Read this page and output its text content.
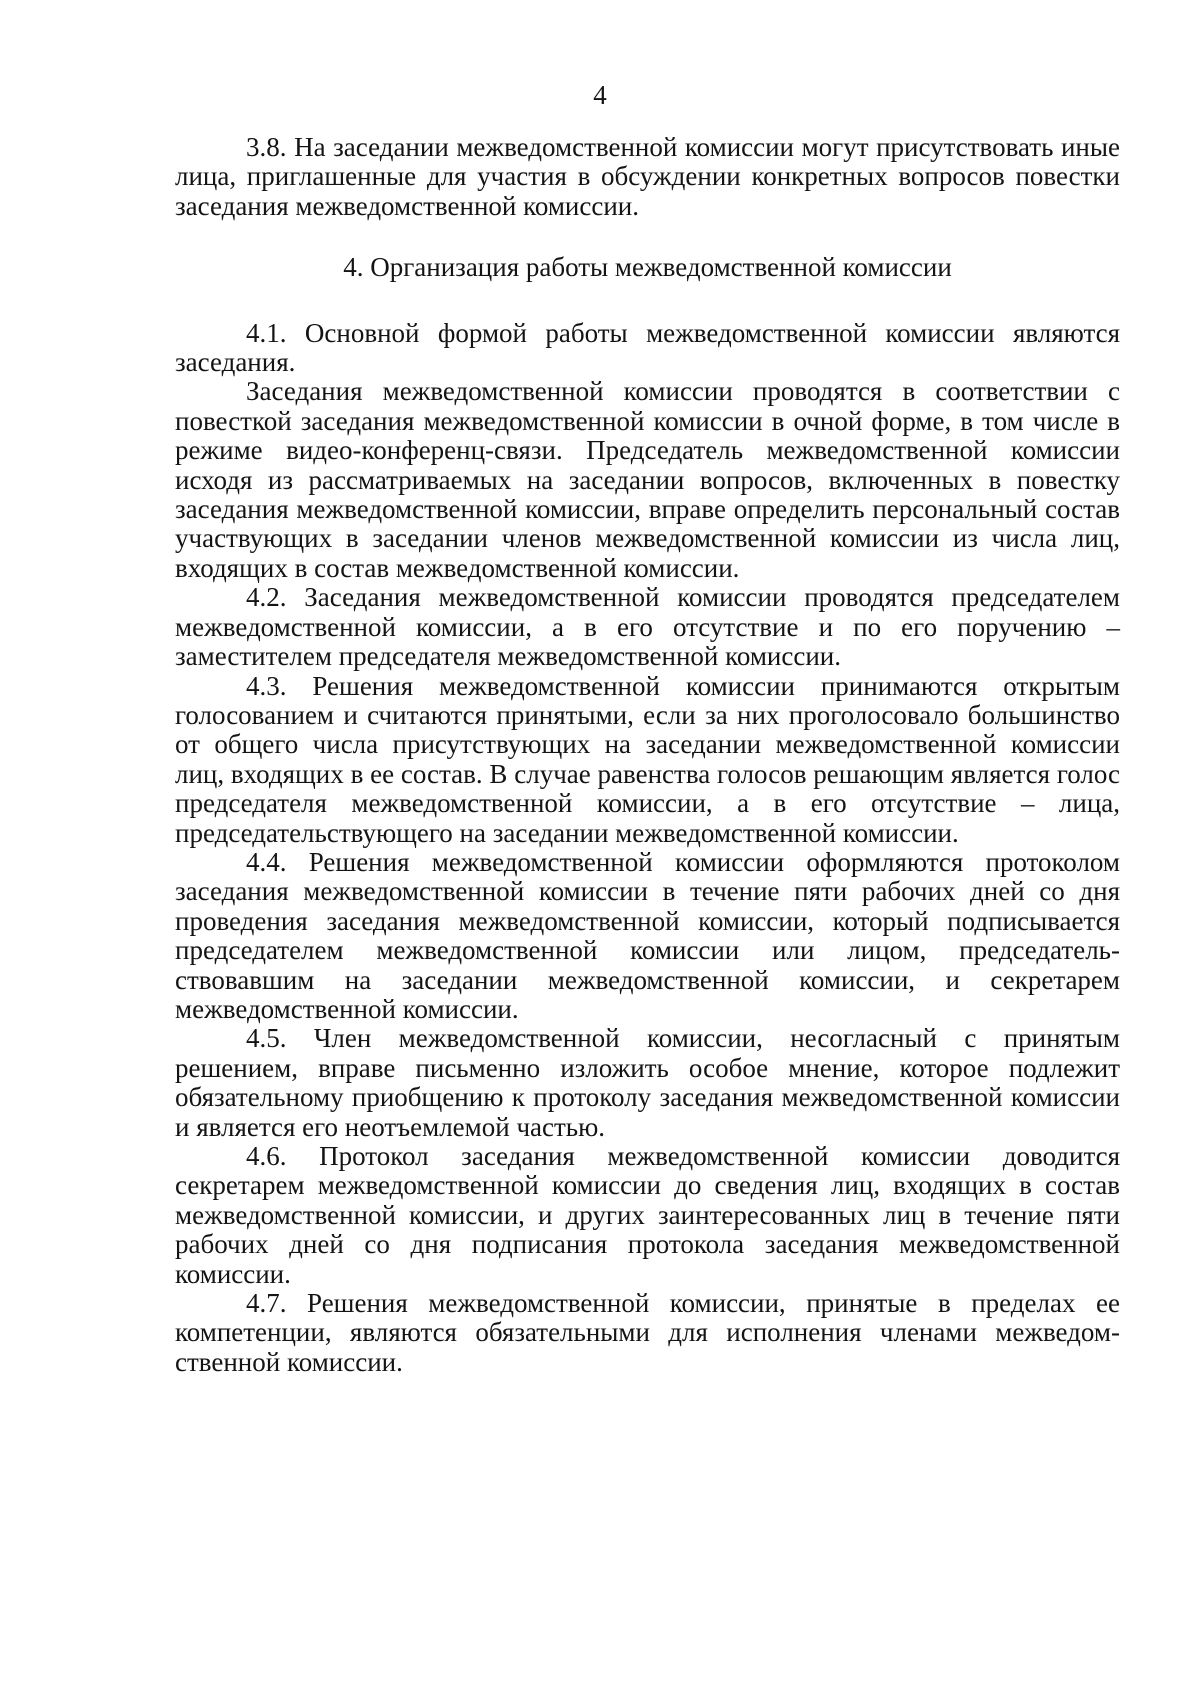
4

3.8. На заседании межведомственной комиссии могут присутствовать иные лица, приглашенные для участия в обсуждении конкретных вопросов повестки заседания межведомственной комиссии.

4. Организация работы межведомственной комиссии

4.1. Основной формой работы межведомственной комиссии являются заседания.

Заседания межведомственной комиссии проводятся в соответствии с повесткой заседания межведомственной комиссии в очной форме, в том числе в режиме видео-конференц-связи. Председатель межведомственной комиссии исходя из рассматриваемых на заседании вопросов, включенных в повестку заседания межведомственной комиссии, вправе определить персональный состав участвующих в заседании членов межведомственной комиссии из числа лиц, входящих в состав межведомственной комиссии.

4.2. Заседания межведомственной комиссии проводятся председателем межведомственной комиссии, а в его отсутствие и по его поручению – заместителем председателя межведомственной комиссии.

4.3. Решения межведомственной комиссии принимаются открытым голосованием и считаются принятыми, если за них проголосовало большинство от общего числа присутствующих на заседании межведомственной комиссии лиц, входящих в ее состав. В случае равенства голосов решающим является голос председателя межведомственной комиссии, а в его отсутствие – лица, председательствующего на заседании межведомственной комиссии.

4.4. Решения межведомственной комиссии оформляются протоколом заседания межведомственной комиссии в течение пяти рабочих дней со дня проведения заседания межведомственной комиссии, который подписывается председателем межведомственной комиссии или лицом, председательствовавшим на заседании межведомственной комиссии, и секретарем межведомственной комиссии.

4.5. Член межведомственной комиссии, несогласный с принятым решением, вправе письменно изложить особое мнение, которое подлежит обязательному приобщению к протоколу заседания межведомственной комиссии и является его неотъемлемой частью.

4.6. Протокол заседания межведомственной комиссии доводится секретарем межведомственной комиссии до сведения лиц, входящих в состав межведомственной комиссии, и других заинтересованных лиц в течение пяти рабочих дней со дня подписания протокола заседания межведомственной комиссии.

4.7. Решения межведомственной комиссии, принятые в пределах ее компетенции, являются обязательными для исполнения членами межведомственной комиссии.
